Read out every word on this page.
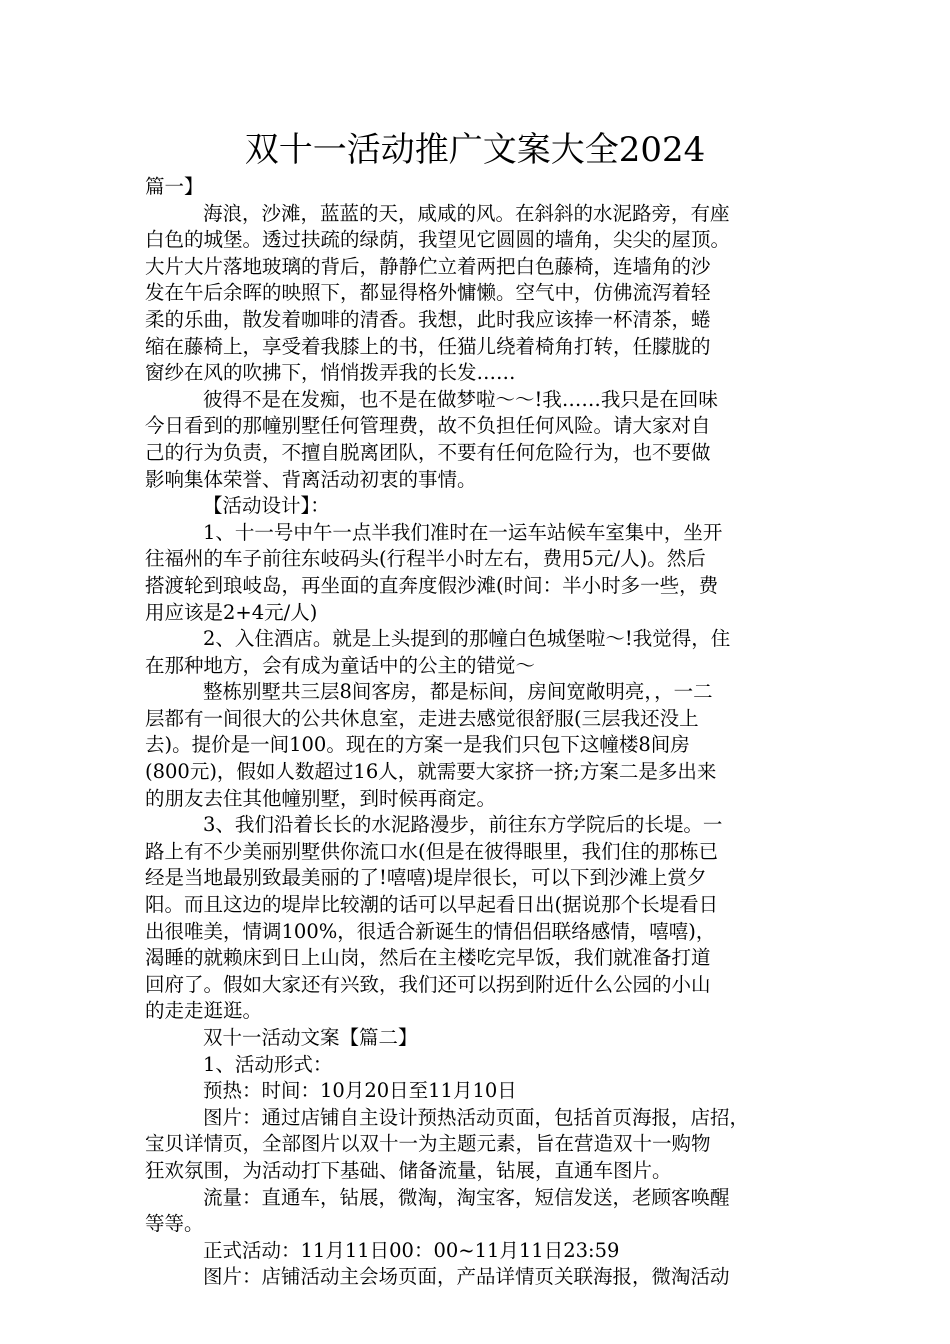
双十一活动推广文案大全2024
篇一】
海浪，沙滩，蓝蓝的天，咸咸的风。在斜斜的水泥路旁，有座
白色的城堡。透过扶疏的绿荫，我望见它圆圆的墙角，尖尖的屋顶。
大片大片落地玻璃的背后，静静伫立着两把白色藤椅，连墙角的沙
发在午后余晖的映照下，都显得格外慵懒。空气中，仿佛流泻着轻
柔的乐曲，散发着咖啡的清香。我想，此时我应该捧一杯清茶，蜷
缩在藤椅上，享受着我膝上的书，任猫儿绕着椅角打转，任朦胧的
窗纱在风的吹拂下，悄悄拨弄我的长发……
彼得不是在发痴，也不是在做梦啦～～!我……我只是在回味
今日看到的那幢别墅任何管理费，故不负担任何风险。请大家对自
己的行为负责，不擅自脱离团队，不要有任何危险行为，也不要做
影响集体荣誉、背离活动初衷的事情。
【活动设计】：
1、十一号中午一点半我们准时在一运车站候车室集中，坐开
往福州的车子前往东岐码头(行程半小时左右，费用5元/人)。然后
搭渡轮到琅岐岛，再坐面的直奔度假沙滩(时间：半小时多一些，费
用应该是2+4元/人)
2、入住酒店。就是上头提到的那幢白色城堡啦～!我觉得，住
在那种地方，会有成为童话中的公主的错觉～
整栋别墅共三层8间客房，都是标间，房间宽敞明亮，，一二
层都有一间很大的公共休息室，走进去感觉很舒服(三层我还没上
去)。提价是一间100。现在的方案一是我们只包下这幢楼8间房
(800元)，假如人数超过16人，就需要大家挤一挤;方案二是多出来
的朋友去住其他幢别墅，到时候再商定。
3、我们沿着长长的水泥路漫步，前往东方学院后的长堤。一
路上有不少美丽别墅供你流口水(但是在彼得眼里，我们住的那栋已
经是当地最别致最美丽的了!嘻嘻)堤岸很长，可以下到沙滩上赏夕
阳。而且这边的堤岸比较潮的话可以早起看日出(据说那个长堤看日
出很唯美，情调100%，很适合新诞生的情侣侣联络感情，嘻嘻)，
渴睡的就赖床到日上山岗，然后在主楼吃完早饭，我们就准备打道
回府了。假如大家还有兴致，我们还可以拐到附近什么公园的小山
的走走逛逛。
双十一活动文案【篇二】
1、活动形式：
预热：时间：10月20日至11月10日
图片：通过店铺自主设计预热活动页面，包括首页海报，店招，
宝贝详情页，全部图片以双十一为主题元素，旨在营造双十一购物
狂欢氛围，为活动打下基础、储备流量，钻展，直通车图片。
流量：直通车，钻展，微淘，淘宝客，短信发送，老顾客唤醒
等等。
正式活动：11月11日00：00~11月11日23:59
图片：店铺活动主会场页面，产品详情页关联海报，微淘活动
